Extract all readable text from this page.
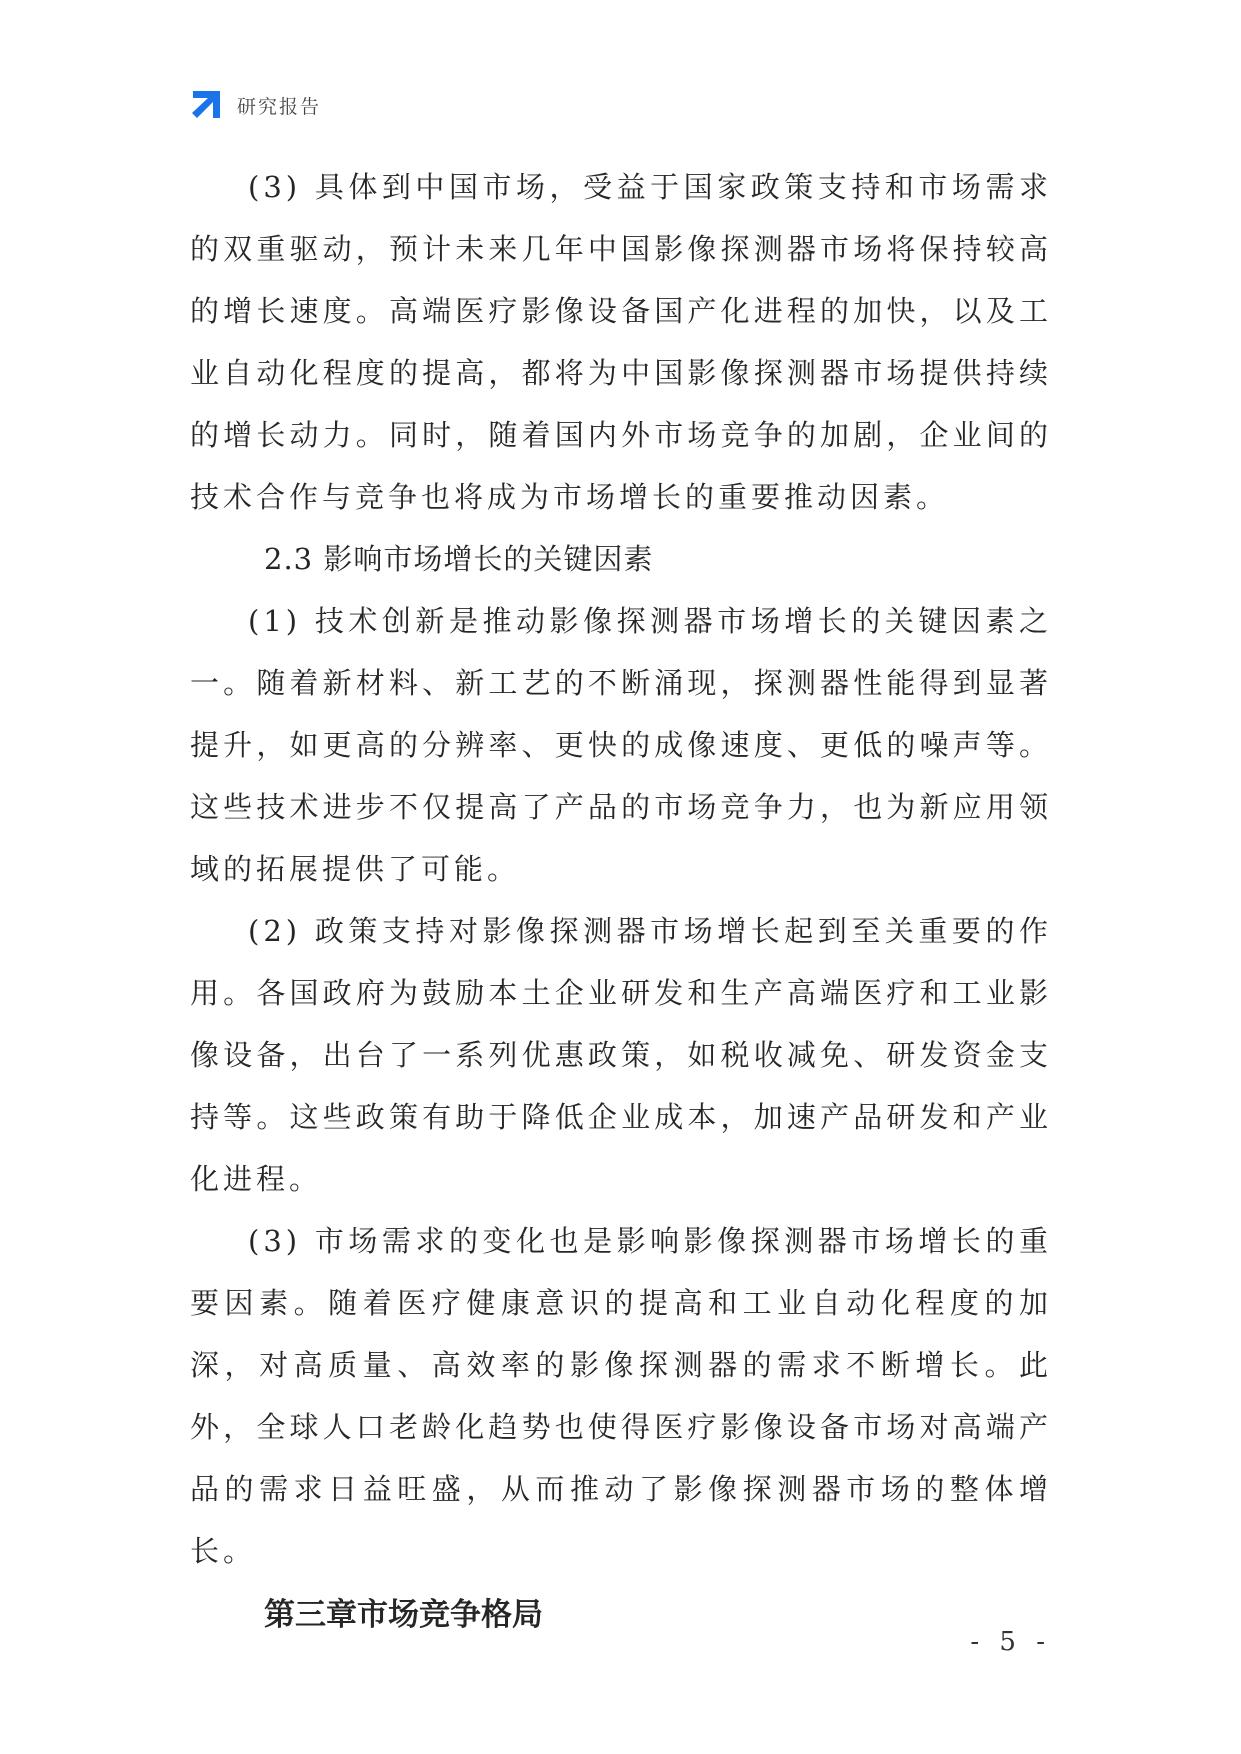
研究报告

(3) 具体到中国市场，受益于国家政策支持和市场需求的双重驱动，预计未来几年中国影像探测器市场将保持较高的增长速度。高端医疗影像设备国产化进程的加快，以及工业自动化程度的提高，都将为中国影像探测器市场提供持续的增长动力。同时，随着国内外市场竞争的加剧，企业间的技术合作与竞争也将成为市场增长的重要推动因素。

2.3 影响市场增长的关键因素

(1) 技术创新是推动影像探测器市场增长的关键因素之一。随着新材料、新工艺的不断涌现，探测器性能得到显著提升，如更高的分辨率、更快的成像速度、更低的噪声等。这些技术进步不仅提高了产品的市场竞争力，也为新应用领域的拓展提供了可能。

(2) 政策支持对影像探测器市场增长起到至关重要的作用。各国政府为鼓励本土企业研发和生产高端医疗和工业影像设备，出台了一系列优惠政策，如税收减免、研发资金支持等。这些政策有助于降低企业成本，加速产品研发和产业化进程。

(3) 市场需求的变化也是影响影像探测器市场增长的重要因素。随着医疗健康意识的提高和工业自动化程度的加深，对高质量、高效率的影像探测器的需求不断增长。此外，全球人口老龄化趋势也使得医疗影像设备市场对高端产品的需求日益旺盛，从而推动了影像探测器市场的整体增长。

第三章市场竞争格局

- 5 -
